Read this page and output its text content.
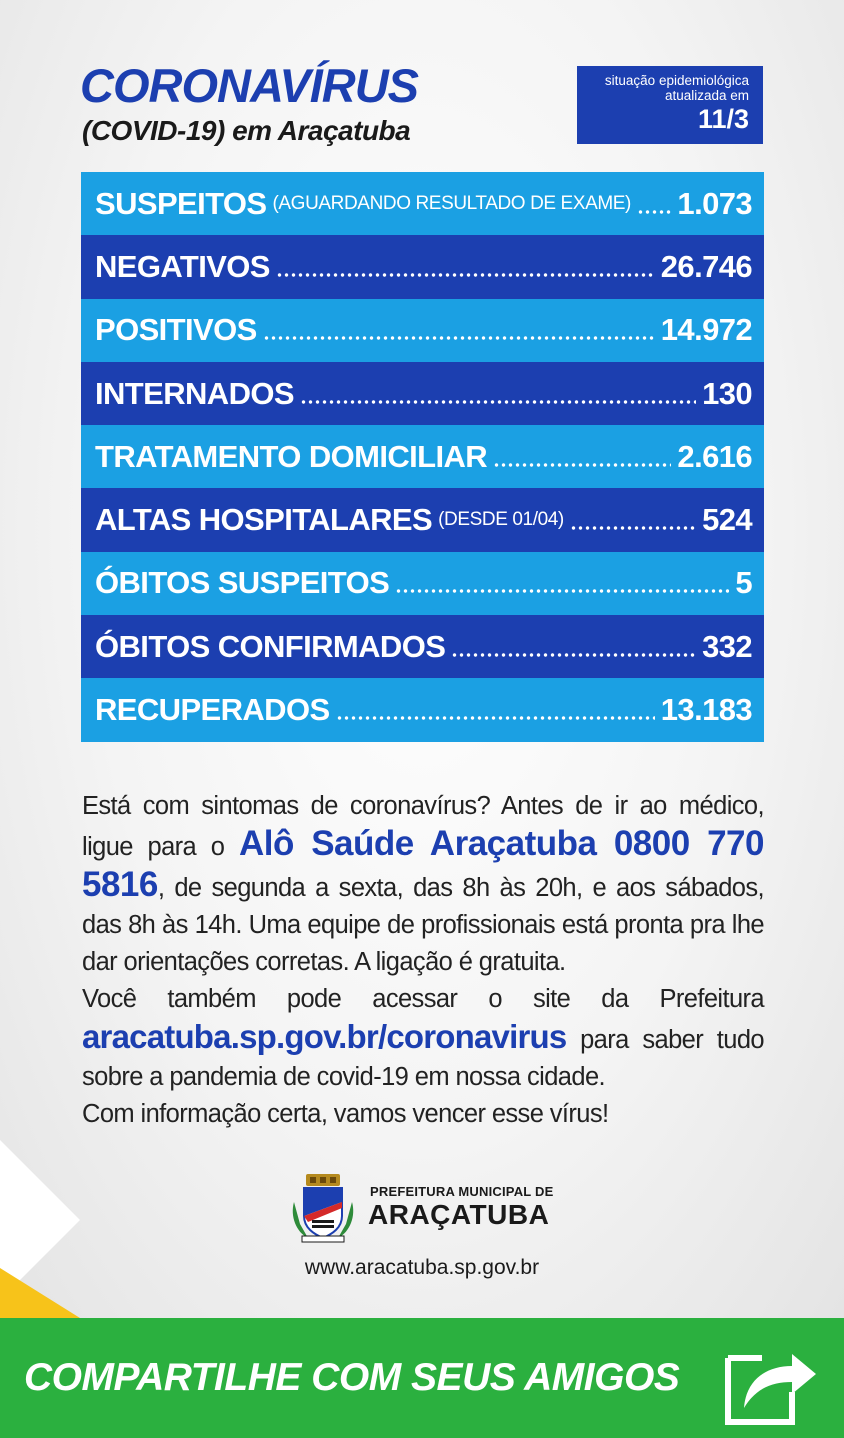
CORONAVÍRUS
(COVID-19) em Araçatuba
situação epidemiológica
atualizada em
11/3
SUSPEITOS (AGUARDANDO RESULTADO DE EXAME) 1.073
NEGATIVOS	26.746
POSITIVOS	14.972
INTERNADOS	130
TRATAMENTO DOMICILIAR	2.616
ALTAS HOSPITALARES (DESDE 01/04)	524
ÓBITOS SUSPEITOS	5
ÓBITOS CONFIRMADOS	332
RECUPERADOS	13.183

Está com sintomas de coronavírus? Antes de ir ao médico, ligue para o Alô Saúde Araçatuba 0800 770 5816, de segunda a sexta, das 8h às 20h, e aos sábados, das 8h às 14h. Uma equipe de profissionais está pronta pra lhe dar orientações corretas. A ligação é gratuita.

Você também pode acessar o site da Prefeitura aracatuba.sp.gov.br/coronavirus para saber tudo sobre a pandemia de covid-19 em nossa cidade.

Com informação certa, vamos vencer esse vírus!

PREFEITURA MUNICIPAL DE
ARAÇATUBA
www.aracatuba.sp.gov.br
COMPARTILHE COM SEUS AMIGOS
